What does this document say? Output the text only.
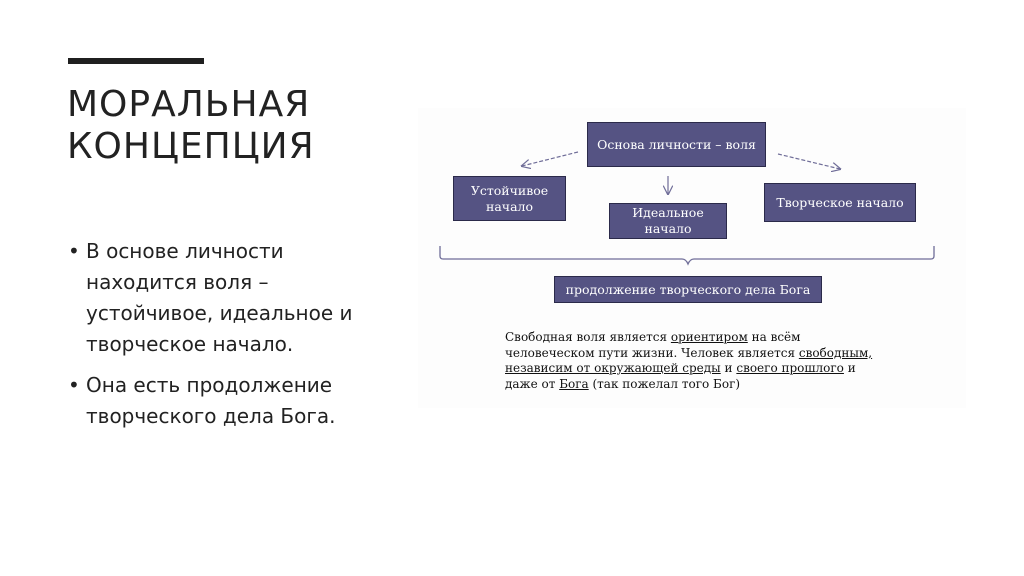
МОРАЛЬНАЯ
КОНЦЕПЦИЯ
• В основе личности находится воля – устойчивое, идеальное и творческое начало.
• Она есть продолжение творческого дела Бога.
Основа личности – воля
Устойчивое начало	Идеальное начало
Творческое начало
продолжение творческого дела Бога
Свободная воля является ориентиром на всём человеческом пути жизни. Человек является свободным, независим от окружающей среды и своего прошлого и даже от Бога (так пожелал того Бог)
